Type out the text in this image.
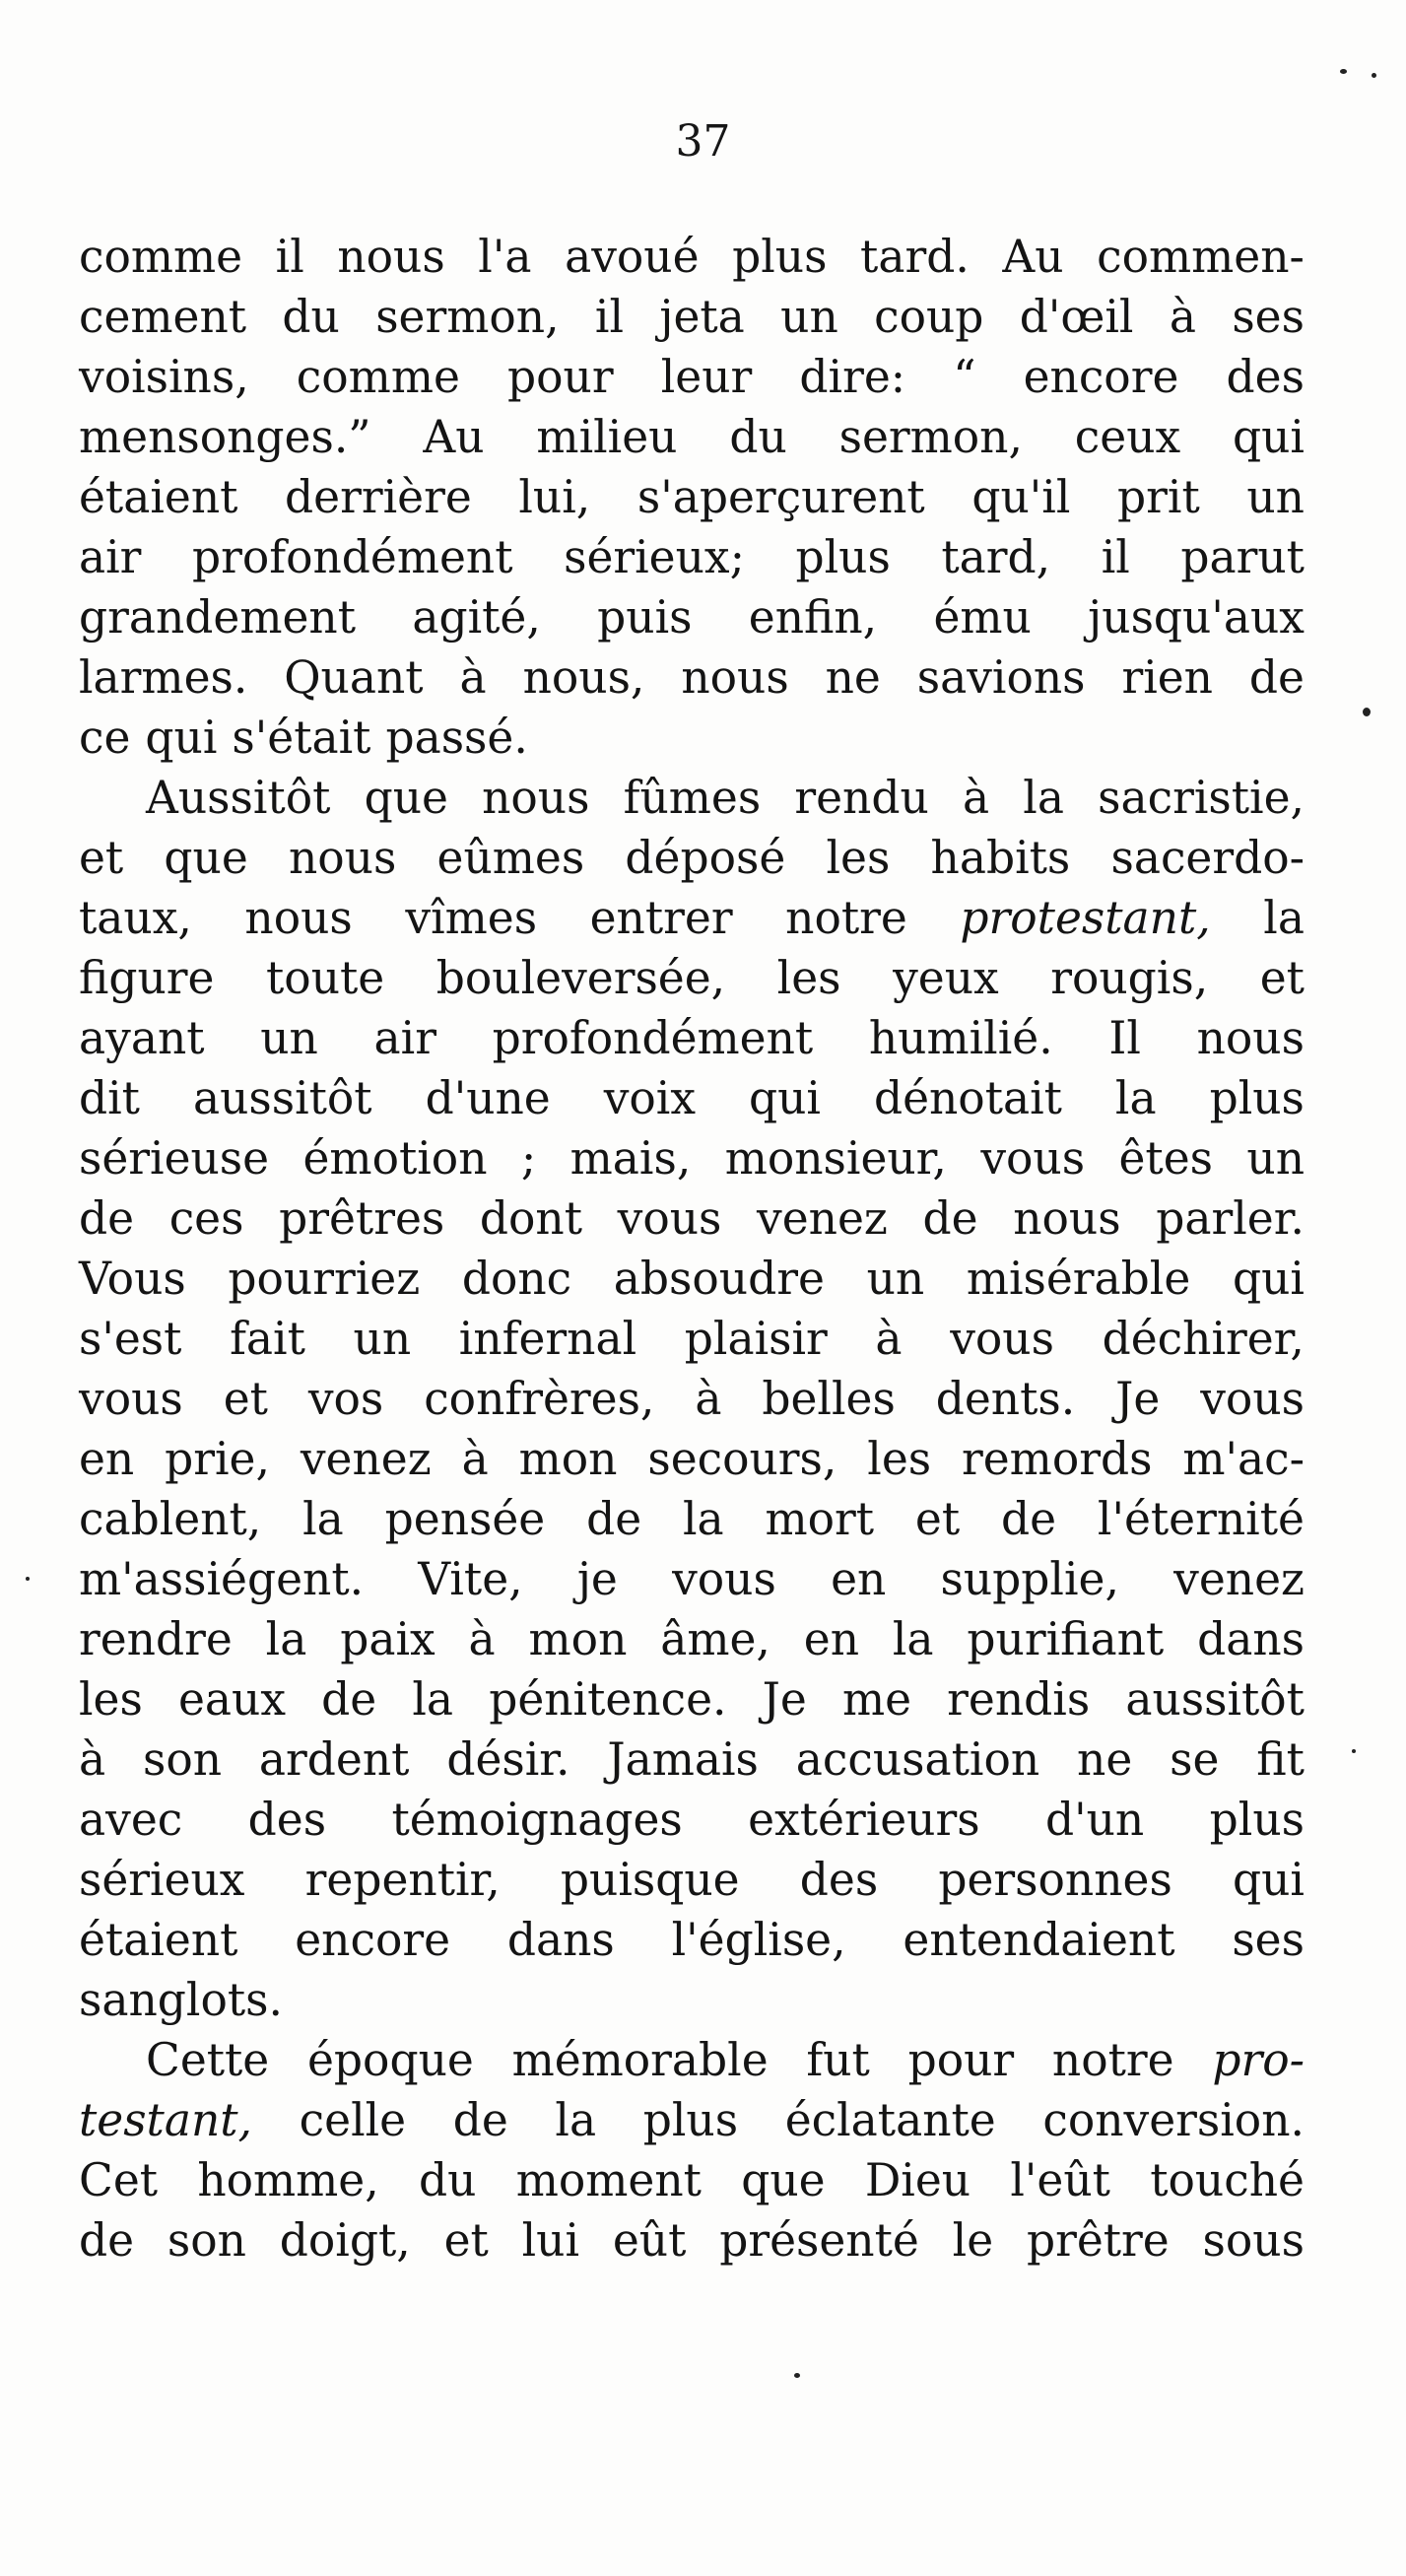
37
comme il nous l'a avoué plus tard. Au commen-
cement du sermon, il jeta un coup d'œil à ses
voisins, comme pour leur dire: “ encore des
mensonges.” Au milieu du sermon, ceux qui
étaient derrière lui, s'aperçurent qu'il prit un
air profondément sérieux; plus tard, il parut
grandement agité, puis enfin, ému jusqu'aux
larmes. Quant à nous, nous ne savions rien de
ce qui s'était passé.
Aussitôt que nous fûmes rendu à la sacristie,
et que nous eûmes déposé les habits sacerdo-
taux, nous vîmes entrer notre protestant, la
figure toute bouleversée, les yeux rougis, et
ayant un air profondément humilié. Il nous
dit aussitôt d'une voix qui dénotait la plus
sérieuse émotion ; mais, monsieur, vous êtes un
de ces prêtres dont vous venez de nous parler.
Vous pourriez donc absoudre un misérable qui
s'est fait un infernal plaisir à vous déchirer,
vous et vos confrères, à belles dents. Je vous
en prie, venez à mon secours, les remords m'ac-
cablent, la pensée de la mort et de l'éternité
m'assiégent. Vite, je vous en supplie, venez
rendre la paix à mon âme, en la purifiant dans
les eaux de la pénitence. Je me rendis aussitôt
à son ardent désir. Jamais accusation ne se fit
avec des témoignages extérieurs d'un plus
sérieux repentir, puisque des personnes qui
étaient encore dans l'église, entendaient ses
sanglots.
Cette époque mémorable fut pour notre pro-
testant, celle de la plus éclatante conversion.
Cet homme, du moment que Dieu l'eût touché
de son doigt, et lui eût présenté le prêtre sous
